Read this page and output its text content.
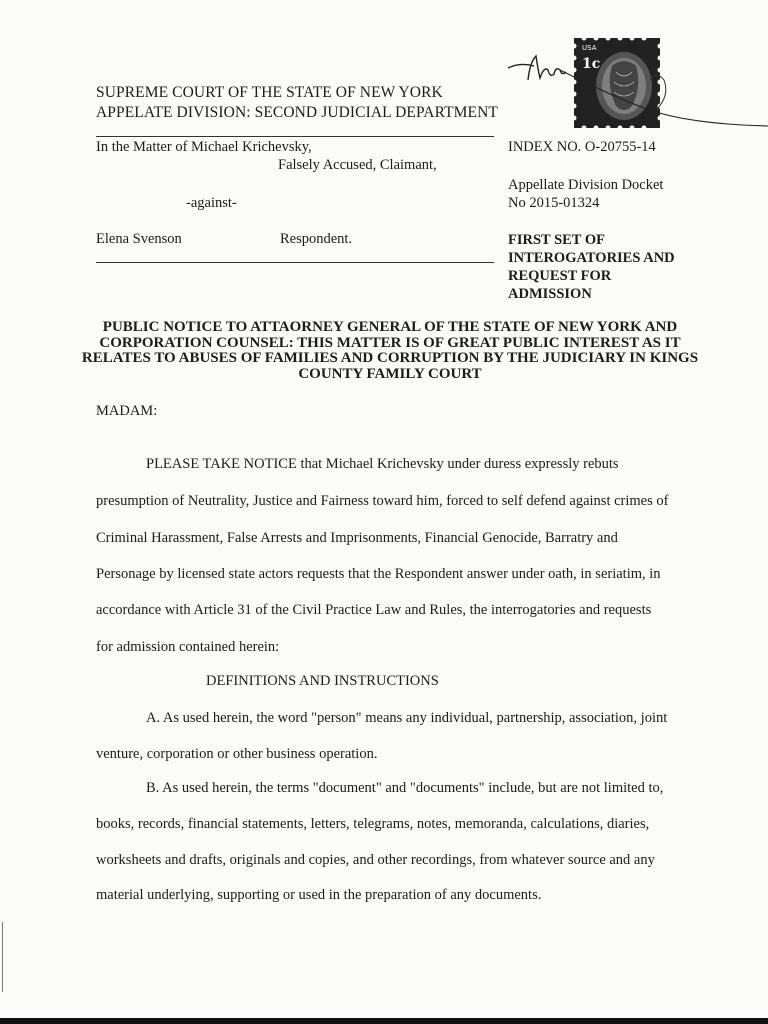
SUPREME COURT OF THE STATE OF NEW YORK
APPELATE DIVISION: SECOND JUDICIAL DEPARTMENT
USA
1c
In the Matter of Michael Krichevsky,
Falsely Accused, Claimant,
-against-
Elena Svenson	Respondent.
INDEX NO. O-20755-14
Appellate Division Docket
No 2015-01324
FIRST SET OF
INTEROGATORIES AND
REQUEST FOR
ADMISSION
PUBLIC NOTICE TO ATTAORNEY GENERAL OF THE STATE OF NEW YORK AND CORPORATION COUNSEL: THIS MATTER IS OF GREAT PUBLIC INTEREST AS IT RELATES TO ABUSES OF FAMILIES AND CORRUPTION BY THE JUDICIARY IN KINGS COUNTY FAMILY COURT
MADAM:
PLEASE TAKE NOTICE that Michael Krichevsky under duress expressly rebuts
presumption of Neutrality, Justice and Fairness toward him, forced to self defend against crimes of
Criminal Harassment, False Arrests and Imprisonments, Financial Genocide, Barratry and
Personage by licensed state actors requests that the Respondent answer under oath, in seriatim, in
accordance with Article 31 of the Civil Practice Law and Rules, the interrogatories and requests
for admission contained herein:
DEFINITIONS AND INSTRUCTIONS
A. As used herein, the word "person" means any individual, partnership, association, joint
venture, corporation or other business operation.
B. As used herein, the terms "document" and "documents" include, but are not limited to,
books, records, financial statements, letters, telegrams, notes, memoranda, calculations, diaries,
worksheets and drafts, originals and copies, and other recordings, from whatever source and any
material underlying, supporting or used in the preparation of any documents.
